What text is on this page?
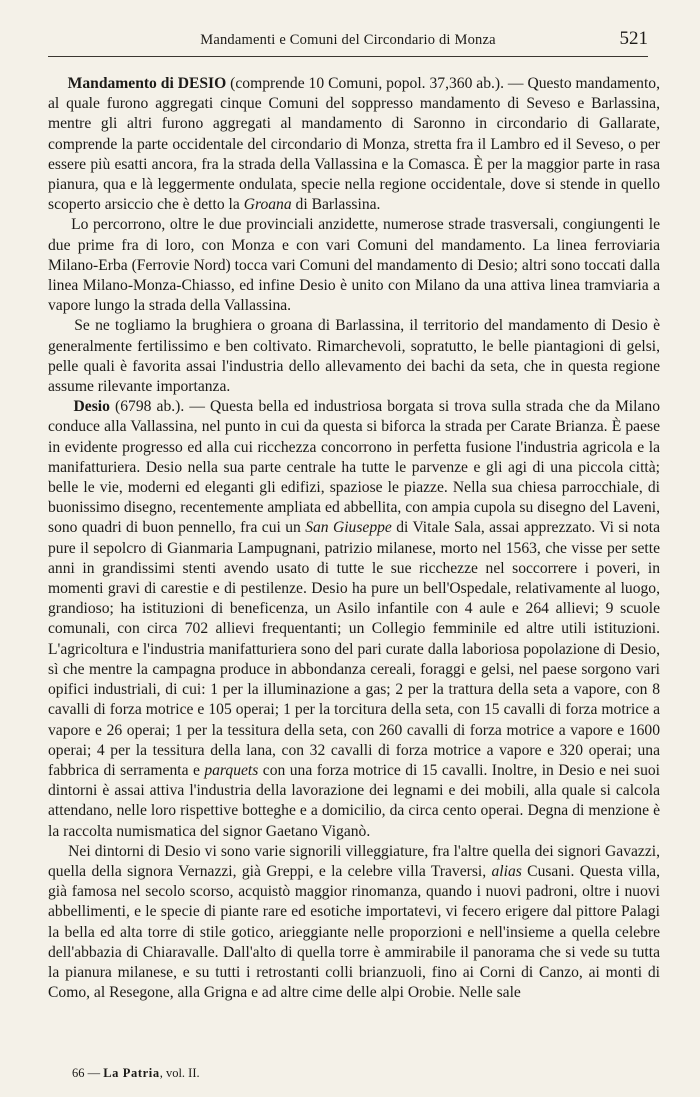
Mandamenti e Comuni del Circondario di Monza	521

Mandamento di DESIO (comprende 10 Comuni, popol. 37,360 ab.). — Questo mandamento, al quale furono aggregati cinque Comuni del soppresso mandamento di Seveso e Barlassina, mentre gli altri furono aggregati al mandamento di Saronno in circondario di Gallarate, comprende la parte occidentale del circondario di Monza, stretta fra il Lambro ed il Seveso, o per essere più esatti ancora, fra la strada della Vallassina e la Comasca. È per la maggior parte in rasa pianura, qua e là leggermente ondulata, specie nella regione occidentale, dove si stende in quello scoperto arsiccio che è detto la Groana di Barlassina.

Lo percorrono, oltre le due provinciali anzidette, numerose strade trasversali, congiungenti le due prime fra di loro, con Monza e con vari Comuni del mandamento. La linea ferroviaria Milano-Erba (Ferrovie Nord) tocca vari Comuni del mandamento di Desio; altri sono toccati dalla linea Milano-Monza-Chiasso, ed infine Desio è unito con Milano da una attiva linea tramviaria a vapore lungo la strada della Vallassina.

Se ne togliamo la brughiera o groana di Barlassina, il territorio del mandamento di Desio è generalmente fertilissimo e ben coltivato. Rimarchevoli, sopratutto, le belle piantagioni di gelsi, pelle quali è favorita assai l'industria dello allevamento dei bachi da seta, che in questa regione assume rilevante importanza.

Desio (6798 ab.). — Questa bella ed industriosa borgata si trova sulla strada che da Milano conduce alla Vallassina, nel punto in cui da questa si biforca la strada per Carate Brianza. È paese in evidente progresso ed alla cui ricchezza concorrono in perfetta fusione l'industria agricola e la manifatturiera. Desio nella sua parte centrale ha tutte le parvenze e gli agi di una piccola città; belle le vie, moderni ed eleganti gli edifizi, spaziose le piazze. Nella sua chiesa parrocchiale, di buonissimo disegno, recentemente ampliata ed abbellita, con ampia cupola su disegno del Laveni, sono quadri di buon pennello, fra cui un San Giuseppe di Vitale Sala, assai apprezzato. Vi si nota pure il sepolcro di Gianmaria Lampugnani, patrizio milanese, morto nel 1563, che visse per sette anni in grandissimi stenti avendo usato di tutte le sue ricchezze nel soccorrere i poveri, in momenti gravi di carestie e di pestilenze. Desio ha pure un bell'Ospedale, relativamente al luogo, grandioso; ha istituzioni di beneficenza, un Asilo infantile con 4 aule e 264 allievi; 9 scuole comunali, con circa 702 allievi frequentanti; un Collegio femminile ed altre utili istituzioni. L'agricoltura e l'industria manifatturiera sono del pari curate dalla laboriosa popolazione di Desio, sì che mentre la campagna produce in abbondanza cereali, foraggi e gelsi, nel paese sorgono vari opifici industriali, di cui: 1 per la illuminazione a gas; 2 per la trattura della seta a vapore, con 8 cavalli di forza motrice e 105 operai; 1 per la torcitura della seta, con 15 cavalli di forza motrice a vapore e 26 operai; 1 per la tessitura della seta, con 260 cavalli di forza motrice a vapore e 1600 operai; 4 per la tessitura della lana, con 32 cavalli di forza motrice a vapore e 320 operai; una fabbrica di serramenta e parquets con una forza motrice di 15 cavalli. Inoltre, in Desio e nei suoi dintorni è assai attiva l'industria della lavorazione dei legnami e dei mobili, alla quale si calcola attendano, nelle loro rispettive botteghe e a domicilio, da circa cento operai. Degna di menzione è la raccolta numismatica del signor Gaetano Viganò.

Nei dintorni di Desio vi sono varie signorili villeggiature, fra l'altre quella dei signori Gavazzi, quella della signora Vernazzi, già Greppi, e la celebre villa Traversi, alias Cusani. Questa villa, già famosa nel secolo scorso, acquistò maggior rinomanza, quando i nuovi padroni, oltre i nuovi abbellimenti, e le specie di piante rare ed esotiche importatevi, vi fecero erigere dal pittore Palagi la bella ed alta torre di stile gotico, arieggiante nelle proporzioni e nell'insieme a quella celebre dell'abbazia di Chiaravalle. Dall'alto di quella torre è ammirabile il panorama che si vede su tutta la pianura milanese, e su tutti i retrostanti colli brianzuoli, fino ai Corni di Canzo, ai monti di Como, al Resegone, alla Grigna e ad altre cime delle alpi Orobie. Nelle sale

66 — La Patria, vol. II.
